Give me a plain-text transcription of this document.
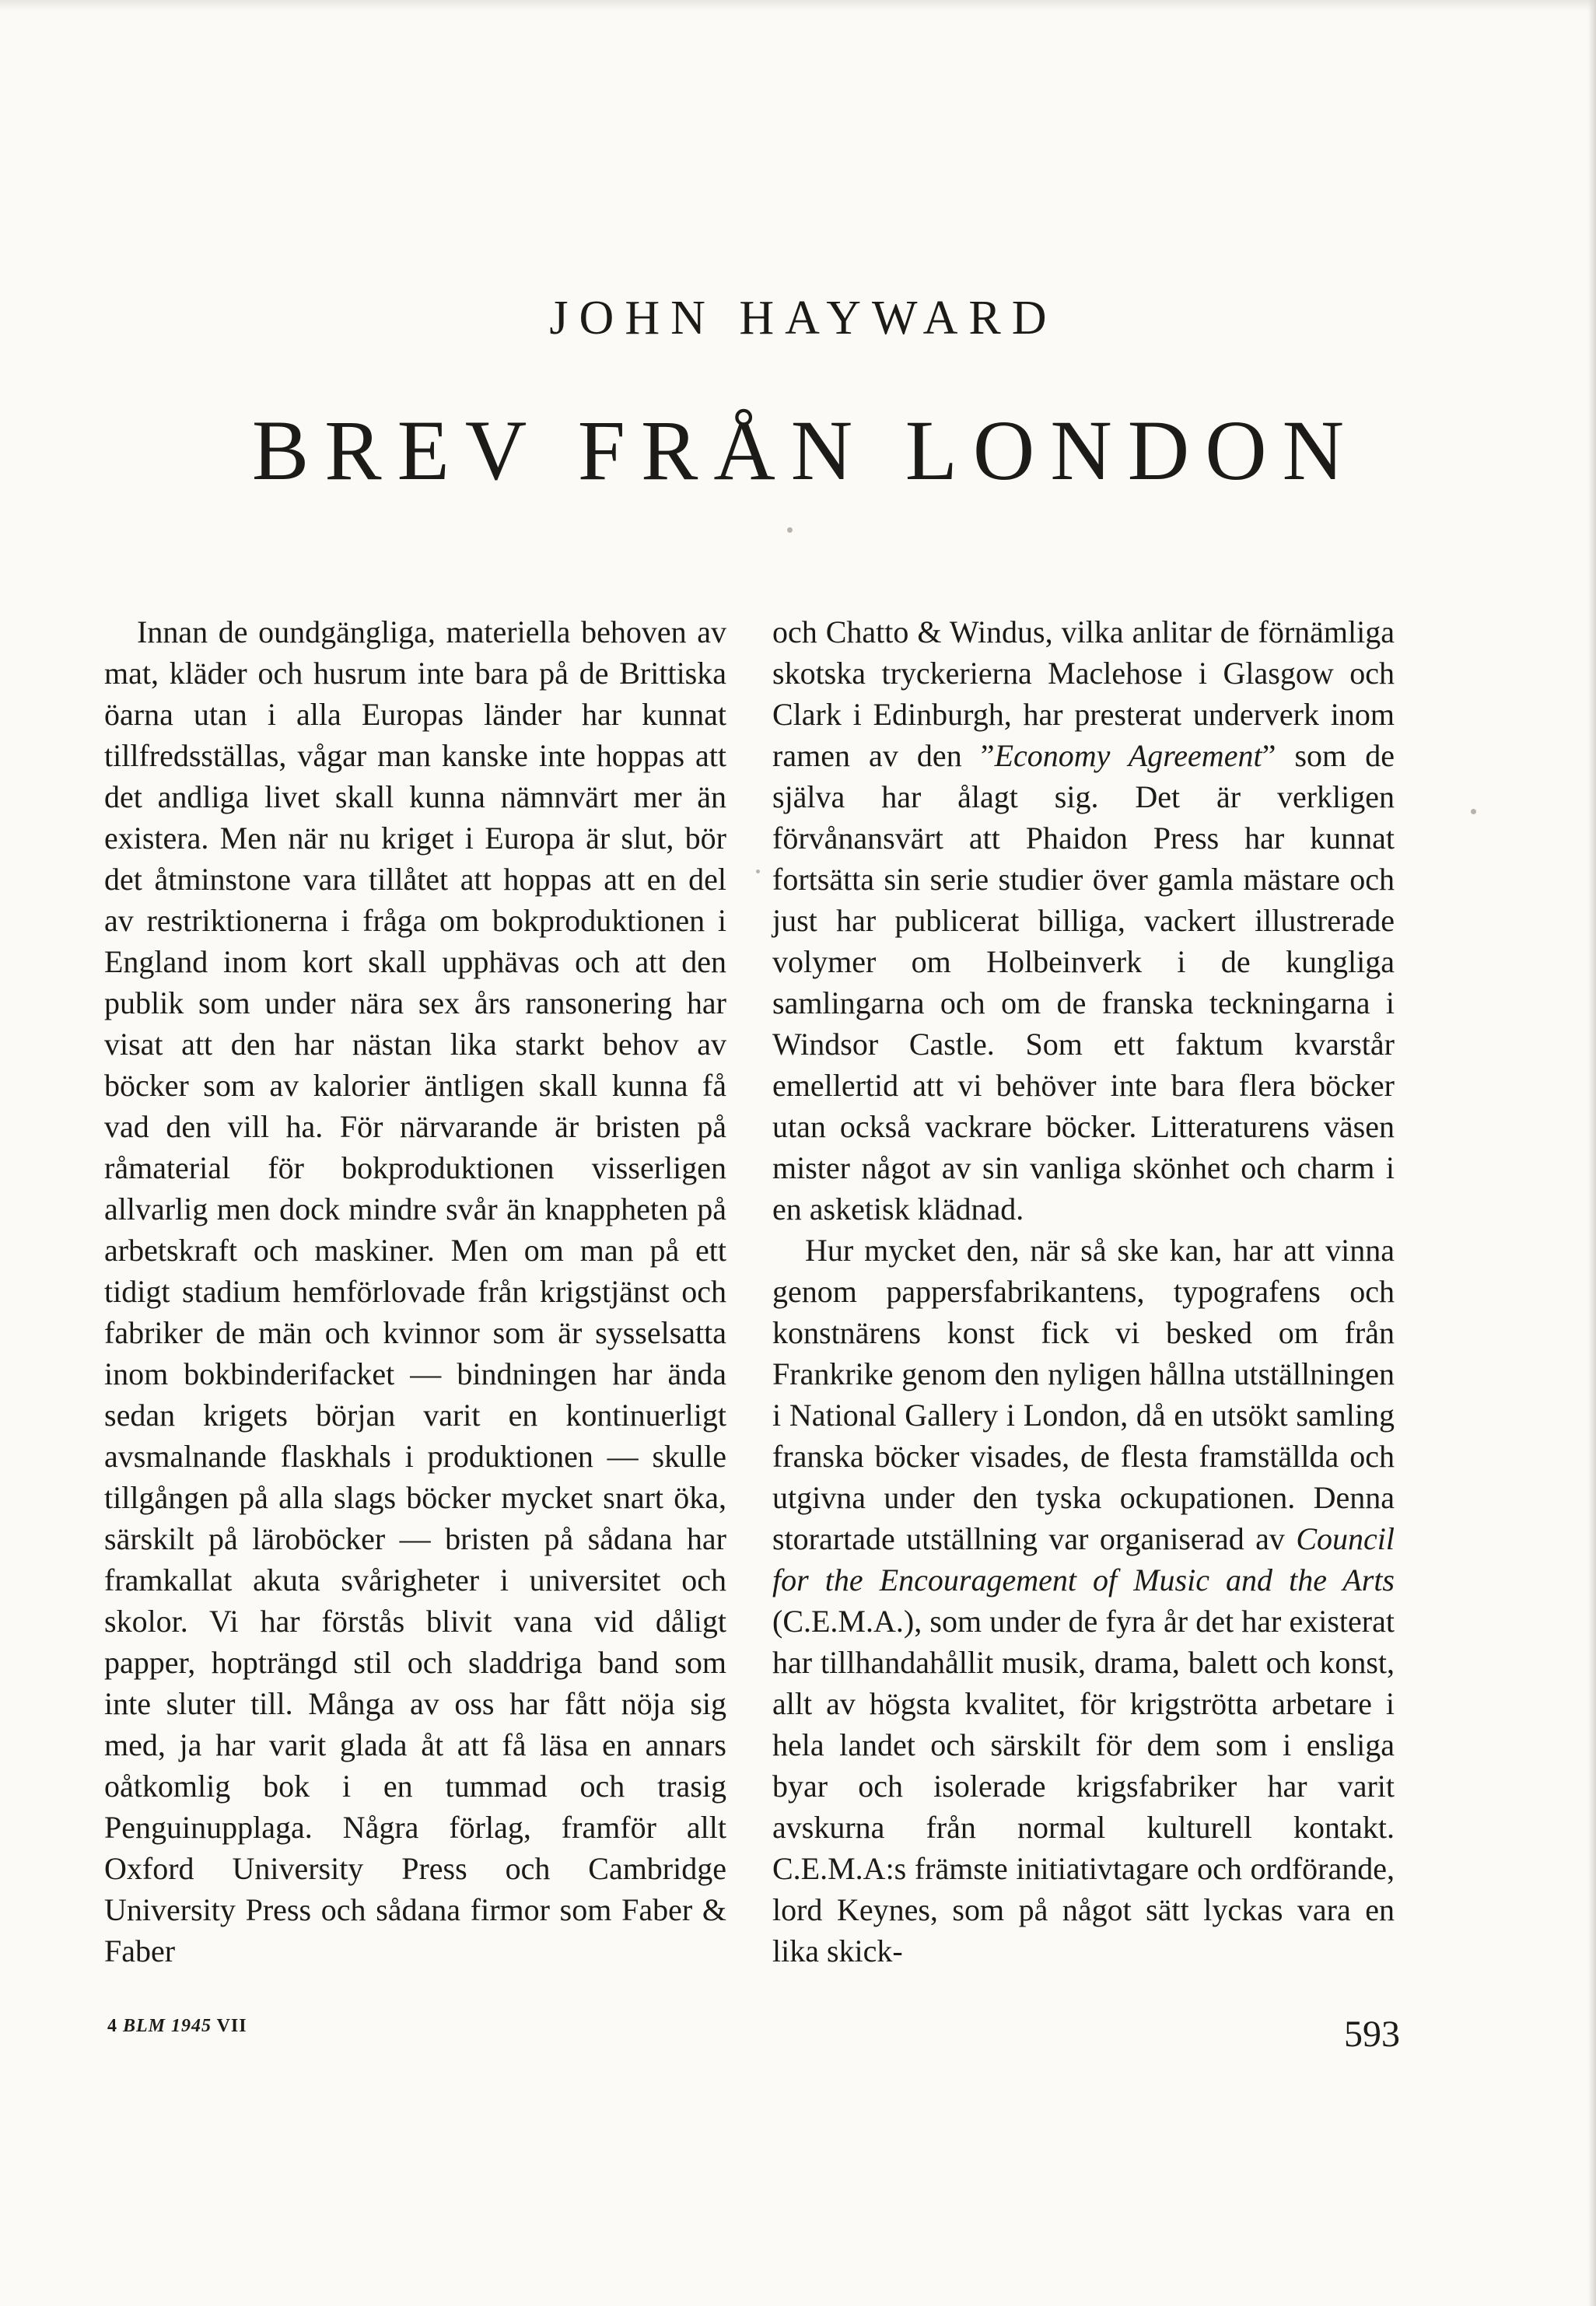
JOHN HAYWARD
BREV FRÅN LONDON

Innan de oundgängliga, materiella behoven av mat, kläder och husrum inte bara på de Brittiska öarna utan i alla Europas länder har kunnat tillfredsställas, vågar man kanske inte hoppas att det andliga livet skall kunna nämnvärt mer än existera. Men när nu kriget i Europa är slut, bör det åtminstone vara tillåtet att hoppas att en del av restriktionerna i fråga om bokproduktionen i England inom kort skall upphävas och att den publik som under nära sex års ransonering har visat att den har nästan lika starkt behov av böcker som av kalorier äntligen skall kunna få vad den vill ha. För närvarande är bristen på råmaterial för bokproduktionen visserligen allvarlig men dock mindre svår än knappheten på arbetskraft och maskiner. Men om man på ett tidigt stadium hemförlovade från krigstjänst och fabriker de män och kvinnor som är sysselsatta inom bokbinderifacket — bindningen har ända sedan krigets början varit en kontinuerligt avsmalnande flaskhals i produktionen — skulle tillgången på alla slags böcker mycket snart öka, särskilt på läroböcker — bristen på sådana har framkallat akuta svårigheter i universitet och skolor. Vi har förstås blivit vana vid dåligt papper, hopträngd stil och sladdriga band som inte sluter till. Många av oss har fått nöja sig med, ja har varit glada åt att få läsa en annars oåtkomlig bok i en tummad och trasig Penguinupplaga. Några förlag, framför allt Oxford University Press och Cambridge University Press och sådana firmor som Faber & Faber

och Chatto & Windus, vilka anlitar de förnämliga skotska tryckerierna Maclehose i Glasgow och Clark i Edinburgh, har presterat underverk inom ramen av den ”Economy Agreement” som de själva har ålagt sig. Det är verkligen förvånansvärt att Phaidon Press har kunnat fortsätta sin serie studier över gamla mästare och just har publicerat billiga, vackert illustrerade volymer om Holbeinverk i de kungliga samlingarna och om de franska teckningarna i Windsor Castle. Som ett faktum kvarstår emellertid att vi behöver inte bara flera böcker utan också vackrare böcker. Litteraturens väsen mister något av sin vanliga skönhet och charm i en asketisk klädnad.

Hur mycket den, när så ske kan, har att vinna genom pappersfabrikantens, typografens och konstnärens konst fick vi besked om från Frankrike genom den nyligen hållna utställningen i National Gallery i London, då en utsökt samling franska böcker visades, de flesta framställda och utgivna under den tyska ockupationen. Denna storartade utställning var organiserad av Council for the Encouragement of Music and the Arts (C.E.M.A.), som under de fyra år det har existerat har tillhandahållit musik, drama, balett och konst, allt av högsta kvalitet, för krigströtta arbetare i hela landet och särskilt för dem som i ensliga byar och isolerade krigsfabriker har varit avskurna från normal kulturell kontakt. C.E.M.A:s främste initiativtagare och ordförande, lord Keynes, som på något sätt lyckas vara en lika skick-

4 BLM 1945 VII	593
